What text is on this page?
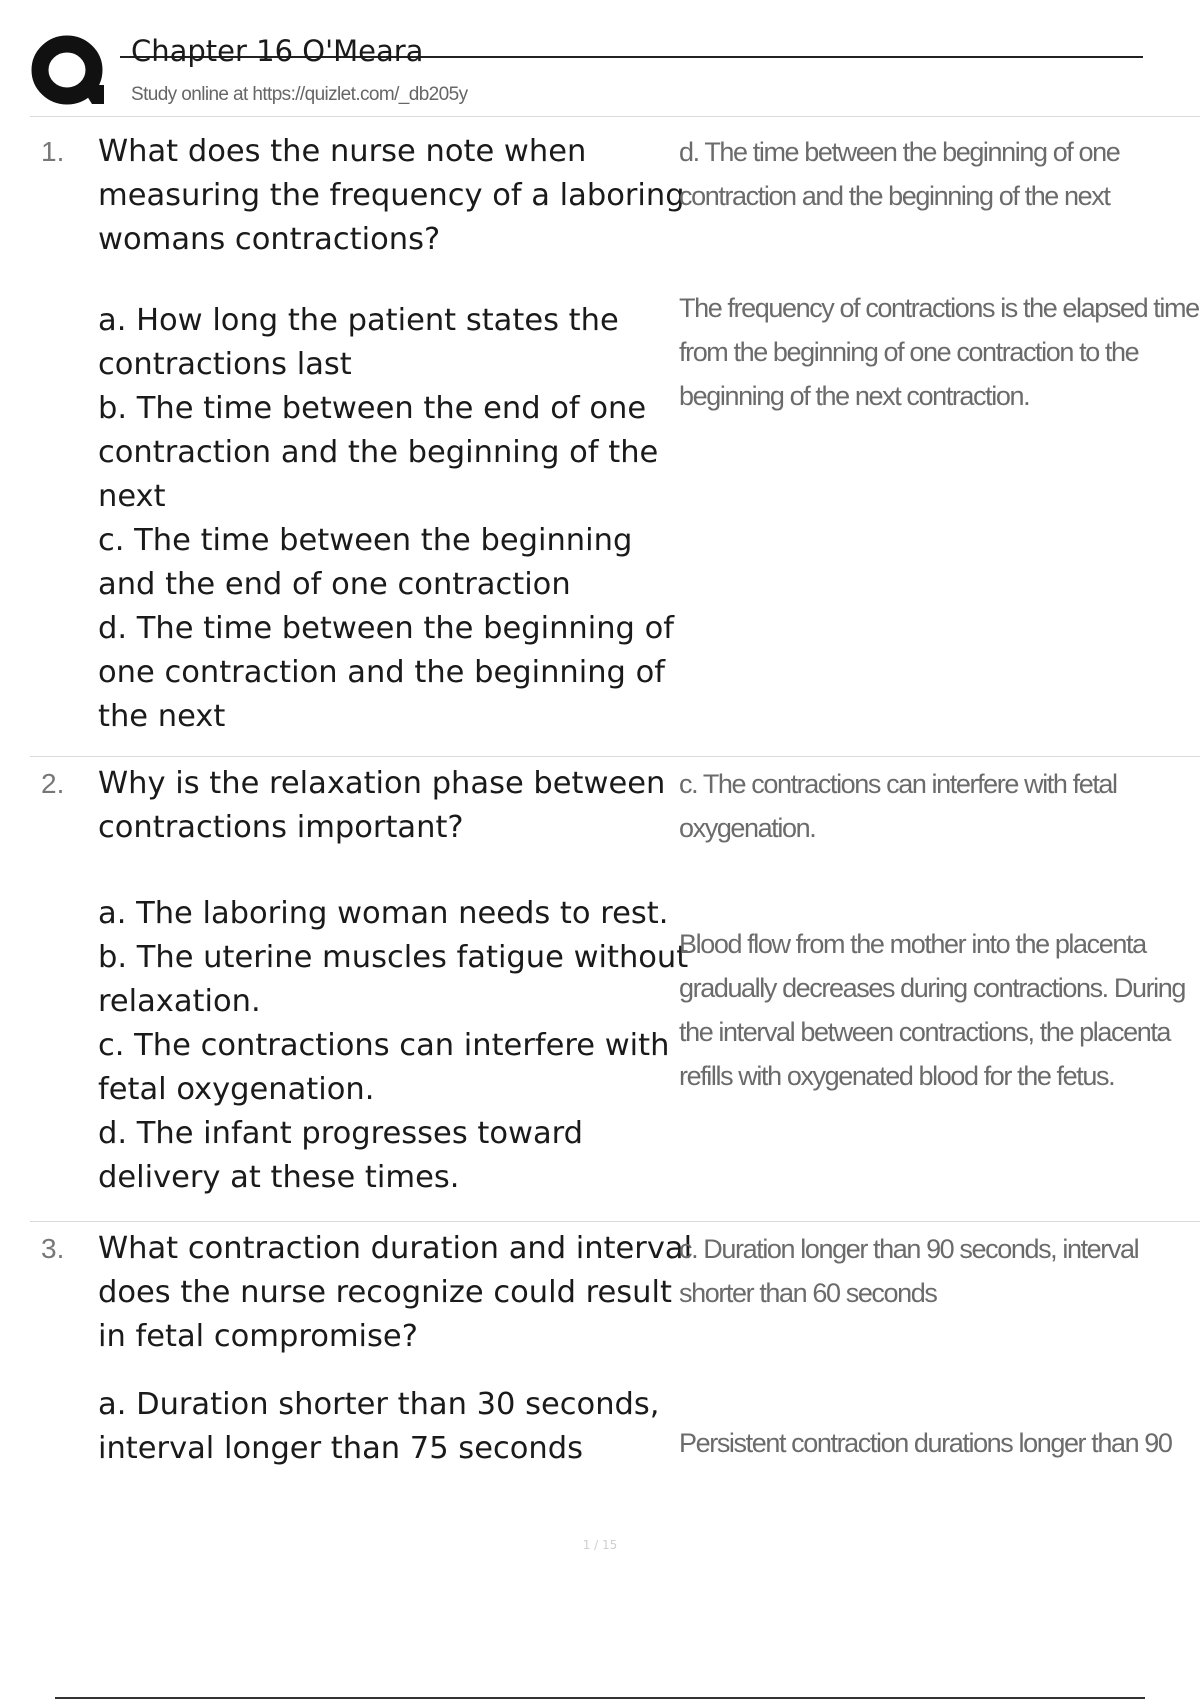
Chapter 16 O'Meara
Study online at https://quizlet.com/_db205y
1. What does the nurse note when measuring the frequency of a laboring womans contractions?

a. How long the patient states the contractions last

b. The time between the end of one contraction and the beginning of the next

c. The time between the beginning and the end of one contraction

d. The time between the beginning of one contraction and the beginning of the next

d. The time between the beginning of one contraction and the beginning of the next
The frequency of contractions is the elapsed time from the beginning of one contraction to the beginning of the next contraction.
2. Why is the relaxation phase between contractions important?

a. The laboring woman needs to rest.

b. The uterine muscles fatigue without relaxation.

c. The contractions can interfere with fetal oxygenation.

d. The infant progresses toward delivery at these times.

c. The contractions can interfere with fetal oxygenation.
Blood flow from the mother into the placenta gradually decreases during contractions. During the interval between contractions, the placenta refills with oxygenated blood for the fetus.
3. What contraction duration and interval does the nurse recognize could result in fetal compromise?

a. Duration shorter than 30 seconds, interval longer than 75 seconds

c. Duration longer than 90 seconds, interval shorter than 60 seconds
Persistent contraction durations longer than 90
1 / 15
